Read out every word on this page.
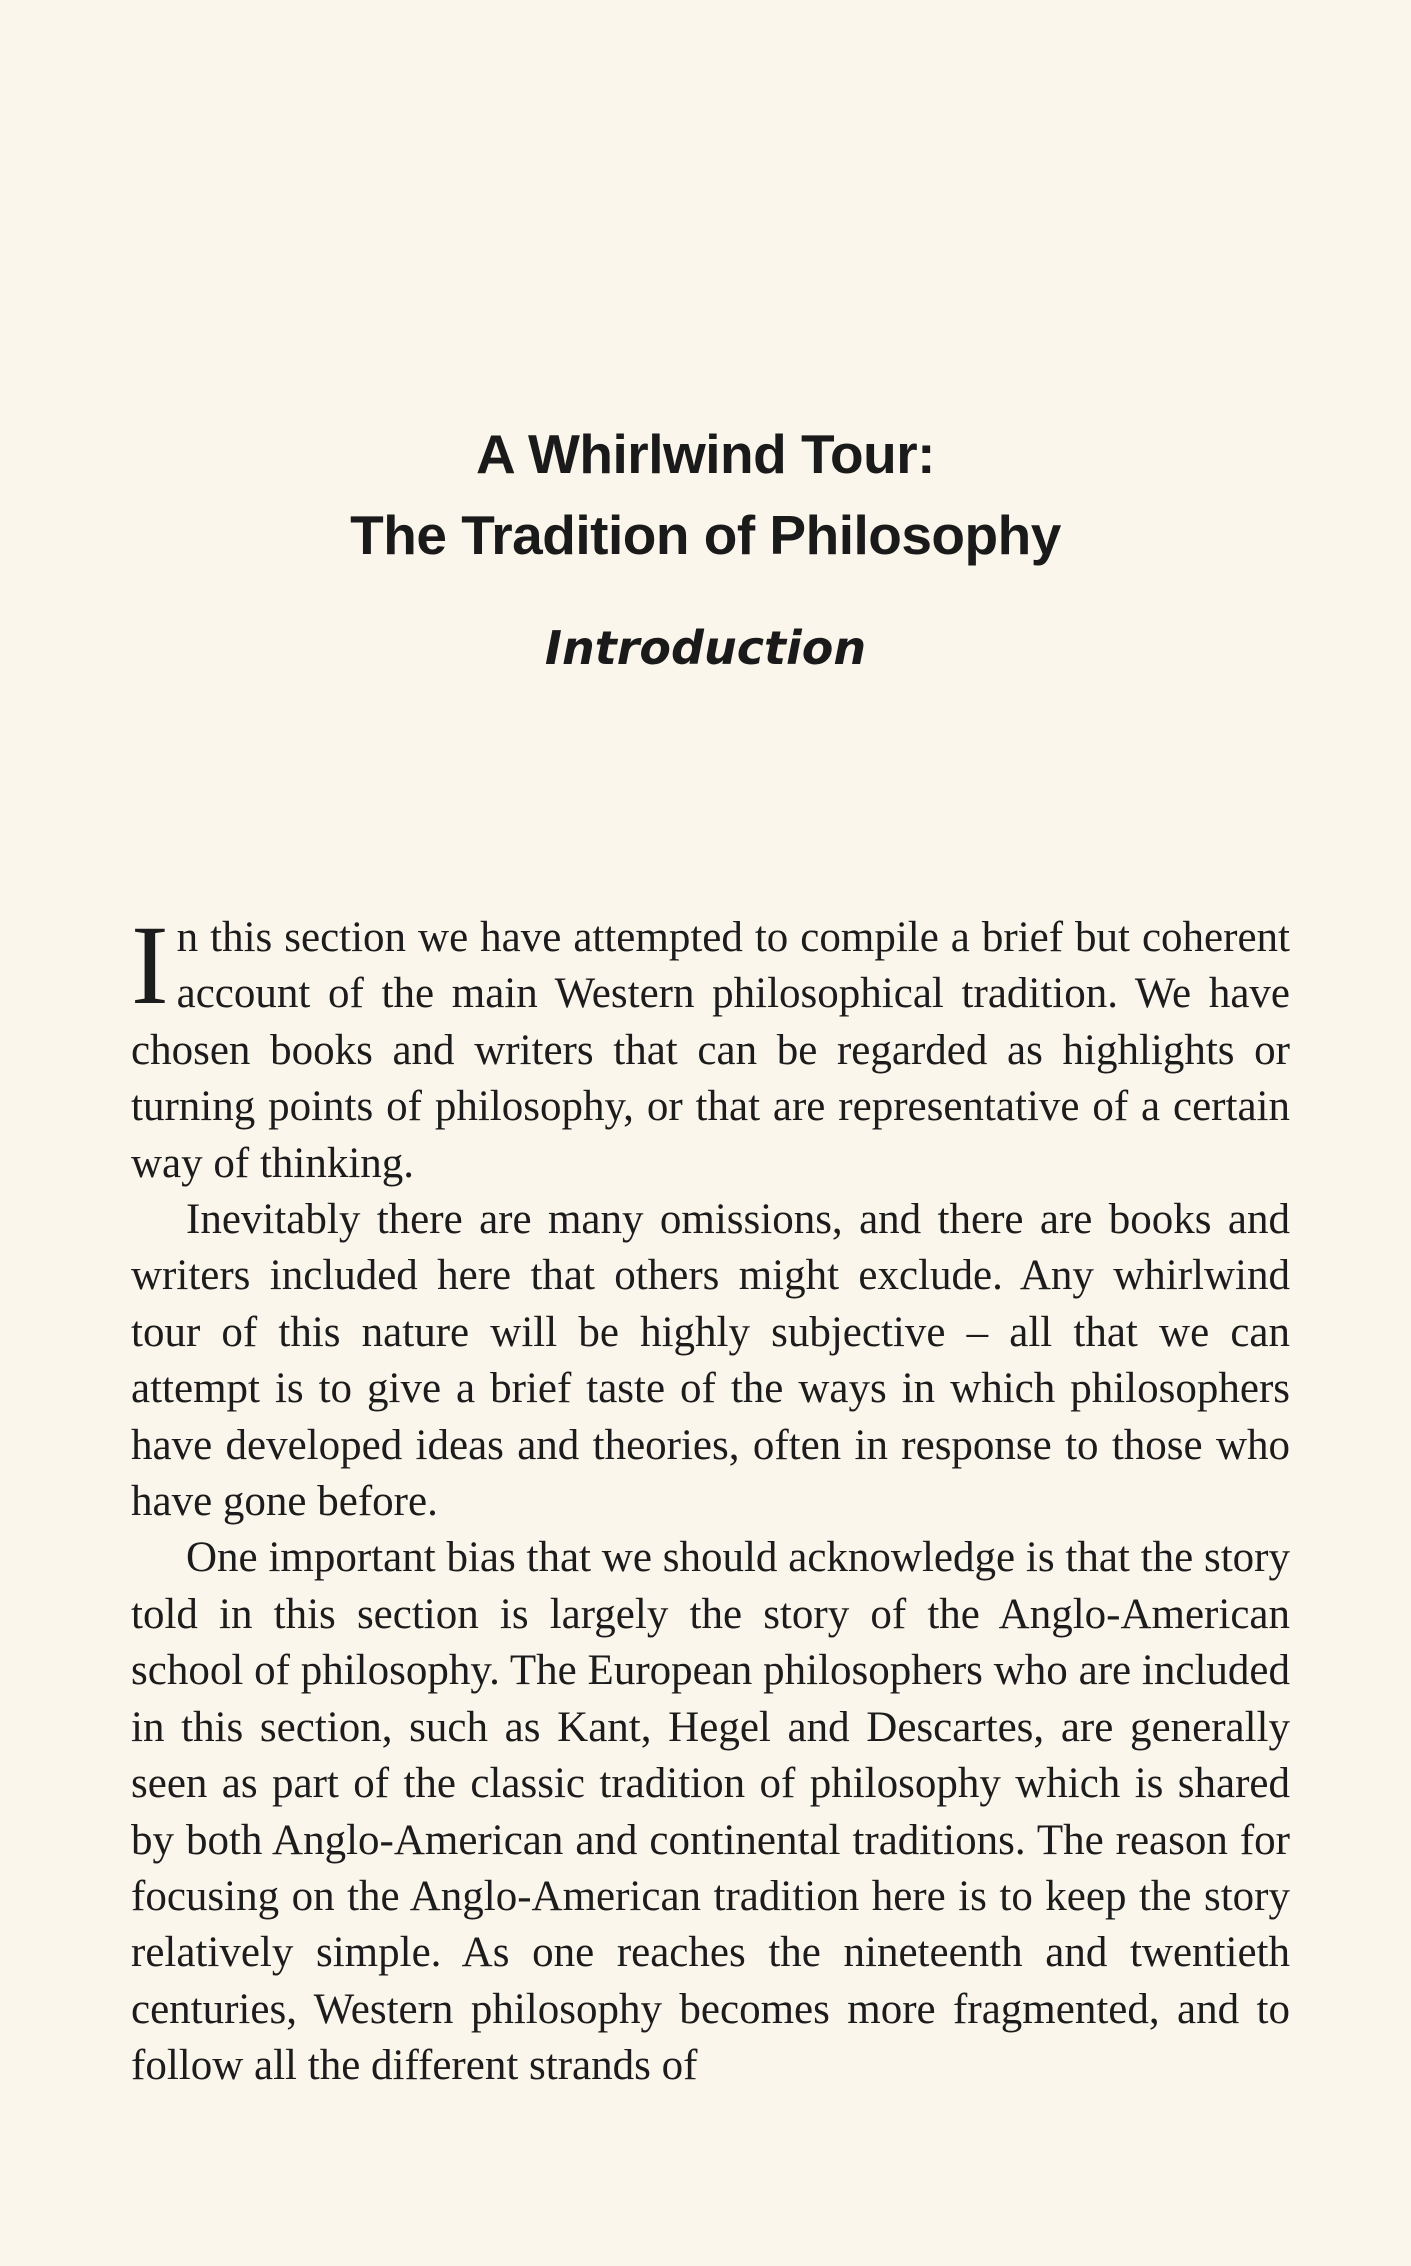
A Whirlwind Tour:
The Tradition of Philosophy
Introduction

In this section we have attempted to compile a brief but coherent account of the main Western philosophical tradition. We have chosen books and writers that can be regarded as highlights or turning points of philosophy, or that are representative of a certain way of thinking.

Inevitably there are many omissions, and there are books and writers included here that others might exclude. Any whirlwind tour of this nature will be highly subjective – all that we can attempt is to give a brief taste of the ways in which philosophers have developed ideas and theories, often in response to those who have gone before.

One important bias that we should acknowledge is that the story told in this section is largely the story of the Anglo-American school of philosophy. The European philosophers who are included in this section, such as Kant, Hegel and Descartes, are generally seen as part of the classic tradition of philosophy which is shared by both Anglo-American and continental traditions. The reason for focusing on the Anglo-American tradition here is to keep the story relatively simple. As one reaches the nineteenth and twentieth centuries, Western philosophy becomes more fragmented, and to follow all the different strands of
